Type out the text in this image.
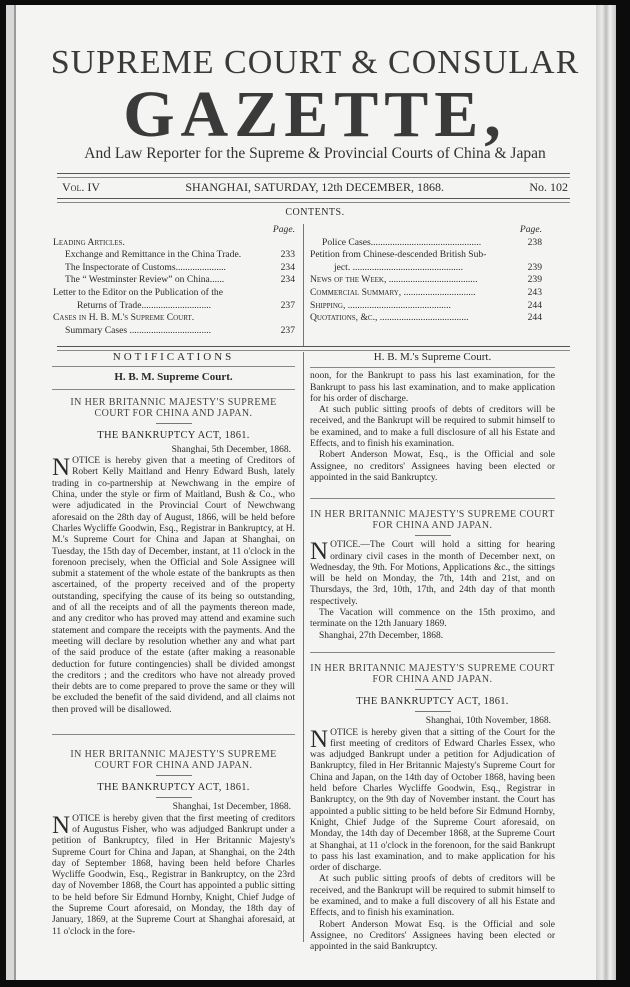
SUPREME COURT & CONSULAR
GAZETTE,
And Law Reporter for the Supreme & Provincial Courts of China & Japan
Vol. IV	SHANGHAI, SATURDAY, 12th DECEMBER, 1868.	No. 102
CONTENTS.
Page.
Leading Articles.
Exchange and Remittance in the China Trade.	233
The Inspectorate of Customs.....................	234
The “ Westminster Review” on China......	234
Letter to the Editor on the Publication of the
Returns of Trade.............................	237
Cases in H. B. M.'s Supreme Court.
Summary Cases ..................................	237
Page.
Police Cases..............................................	238
Petition from Chinese-descended British Sub-
ject. ..............................................	239
News of the Week, .....................................	239
Commercial Summary, ..............................	243
Shipping, ...........................................	244
Quotations, &c., .....................................	244
NOTIFICATIONS
H. B. M. Supreme Court.
IN HER BRITANNIC MAJESTY'S SUPREME COURT FOR CHINA AND JAPAN.
THE BANKRUPTCY ACT, 1861.
Shanghai, 5th December, 1868.

NOTICE is hereby given that a meeting of Creditors of Robert Kelly Maitland and Henry Edward Bush, lately trading in co-partnership at Newchwang in the empire of China, under the style or firm of Maitland, Bush & Co., who were adjudicated in the Provincial Court of Newchwang aforesaid on the 28th day of August, 1866, will be held before Charles Wycliffe Goodwin, Esq., Registrar in Bankruptcy, at H. M.'s Supreme Court for China and Japan at Shanghai, on Tuesday, the 15th day of December, instant, at 11 o'clock in the forenoon precisely, when the Official and Sole Assignee will submit a statement of the whole estate of the bankrupts as then ascertained, of the property received and of the property outstanding, specifying the cause of its being so outstanding, and of all the receipts and of all the payments thereon made, and any creditor who has proved may attend and examine such statement and compare the receipts with the payments. And the meeting will declare by resolution whether any and what part of the said produce of the estate (after making a reasonable deduction for future contingencies) shall be divided amongst the creditors ; and the creditors who have not already proved their debts are to come prepared to prove the same or they will be excluded the benefit of the said dividend, and all claims not then proved will be disallowed.

IN HER BRITANNIC MAJESTY'S SUPREME COURT FOR CHINA AND JAPAN.
THE BANKRUPTCY ACT, 1861.
Shanghai, 1st December, 1868.

NOTICE is hereby given that the first meeting of creditors of Augustus Fisher, who was adjudged Bankrupt under a petition of Bankruptcy, filed in Her Britannic Majesty's Supreme Court for China and Japan, at Shanghai, on the 24th day of September 1868, having been held before Charles Wycliffe Goodwin, Esq., Registrar in Bankruptcy, on the 23rd day of November 1868, the Court has appointed a public sitting to be held before Sir Edmund Hornby, Knight, Chief Judge of the Supreme Court aforesaid, on Monday, the 18th day of January, 1869, at the Supreme Court at Shanghai aforesaid, at 11 o'clock in the fore-

H. B. M.'s Supreme Court.

noon, for the Bankrupt to pass his last examination, for the Bankrupt to pass his last examination, and to make application for his order of discharge.

At such public sitting proofs of debts of creditors will be received, and the Bankrupt will be required to submit himself to be examined, and to make a full disclosure of all his Estate and Effects, and to finish his examination.

Robert Anderson Mowat, Esq., is the Official and sole Assignee, no creditors' Assignees having been elected or appointed in the said Bankruptcy.

IN HER BRITANNIC MAJESTY'S SUPREME COURT FOR CHINA AND JAPAN.

NOTICE.—The Court will hold a sitting for hearing ordinary civil cases in the month of December next, on Wednesday, the 9th. For Motions, Applications &c., the sittings will be held on Monday, the 7th, 14th and 21st, and on Thursdays, the 3rd, 10th, 17th, and 24th day of that month respectively.

The Vacation will commence on the 15th proximo, and terminate on the 12th January 1869.

Shanghai, 27th December, 1868.

IN HER BRITANNIC MAJESTY'S SUPREME COURT FOR CHINA AND JAPAN.
THE BANKRUPTCY ACT, 1861.
Shanghai, 10th November, 1868.

NOTICE is hereby given that a sitting of the Court for the first meeting of creditors of Edward Charles Essex, who was adjudged Bankrupt under a petition for Adjudication of Bankruptcy, filed in Her Britannic Majesty's Supreme Court for China and Japan, on the 14th day of October 1868, having been held before Charles Wycliffe Goodwin, Esq., Registrar in Bankruptcy, on the 9th day of November instant. the Court has appointed a public sitting to be held before Sir Edmund Hornby, Knight, Chief Judge of the Supreme Court aforesaid, on Monday, the 14th day of December 1868, at the Supreme Court at Shanghai, at 11 o'clock in the forenoon, for the said Bankrupt to pass his last examination, and to make application for his order of discharge.

At such public sitting proofs of debts of creditors will be received, and the Bankrupt will be required to submit himself to be examined, and to make a full discovery of all his Estate and Effects, and to finish his examination.

Robert Anderson Mowat Esq. is the Official and sole Assignee, no Creditors' Assignees having been elected or appointed in the said Bankruptcy.
